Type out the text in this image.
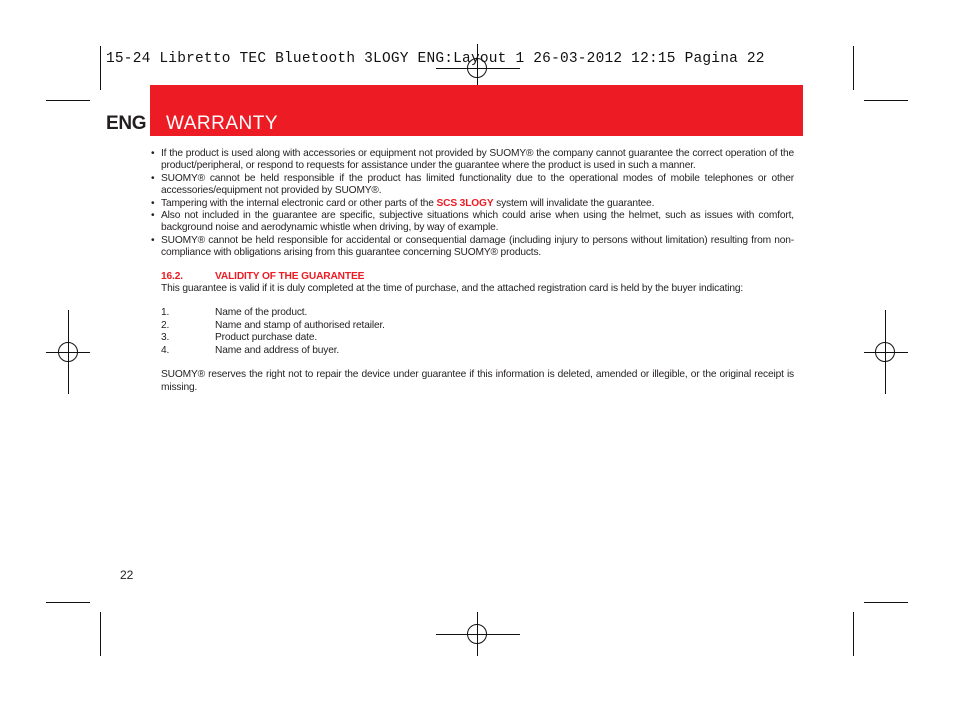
15-24 Libretto TEC Bluetooth 3LOGY ENG:Layout 1 26-03-2012 12:15 Pagina 22
ENG WARRANTY
• If the product is used along with accessories or equipment not provided by SUOMY® the company cannot guarantee the correct operation of the product/peripheral, or respond to requests for assistance under the guarantee where the product is used in such a manner.
• SUOMY® cannot be held responsible if the product has limited functionality due to the operational modes of mobile telephones or other accessories/equipment not provided by SUOMY®.
• Tampering with the internal electronic card or other parts of the SCS 3LOGY system will invalidate the guarantee.
• Also not included in the guarantee are specific, subjective situations which could arise when using the helmet, such as issues with comfort, background noise and aerodynamic whistle when driving, by way of example.
• SUOMY® cannot be held responsible for accidental or consequential damage (including injury to persons without limitation) resulting from non-compliance with obligations arising from this guarantee concerning SUOMY® products.
16.2.	VALIDITY OF THE GUARANTEE
This guarantee is valid if it is duly completed at the time of purchase, and the attached registration card is held by the buyer indicating:
1.	Name of the product.
2.	Name and stamp of authorised retailer.
3.	Product purchase date.
4.	Name and address of buyer.
SUOMY® reserves the right not to repair the device under guarantee if this information is deleted, amended or illegible, or the original receipt is missing.
22
